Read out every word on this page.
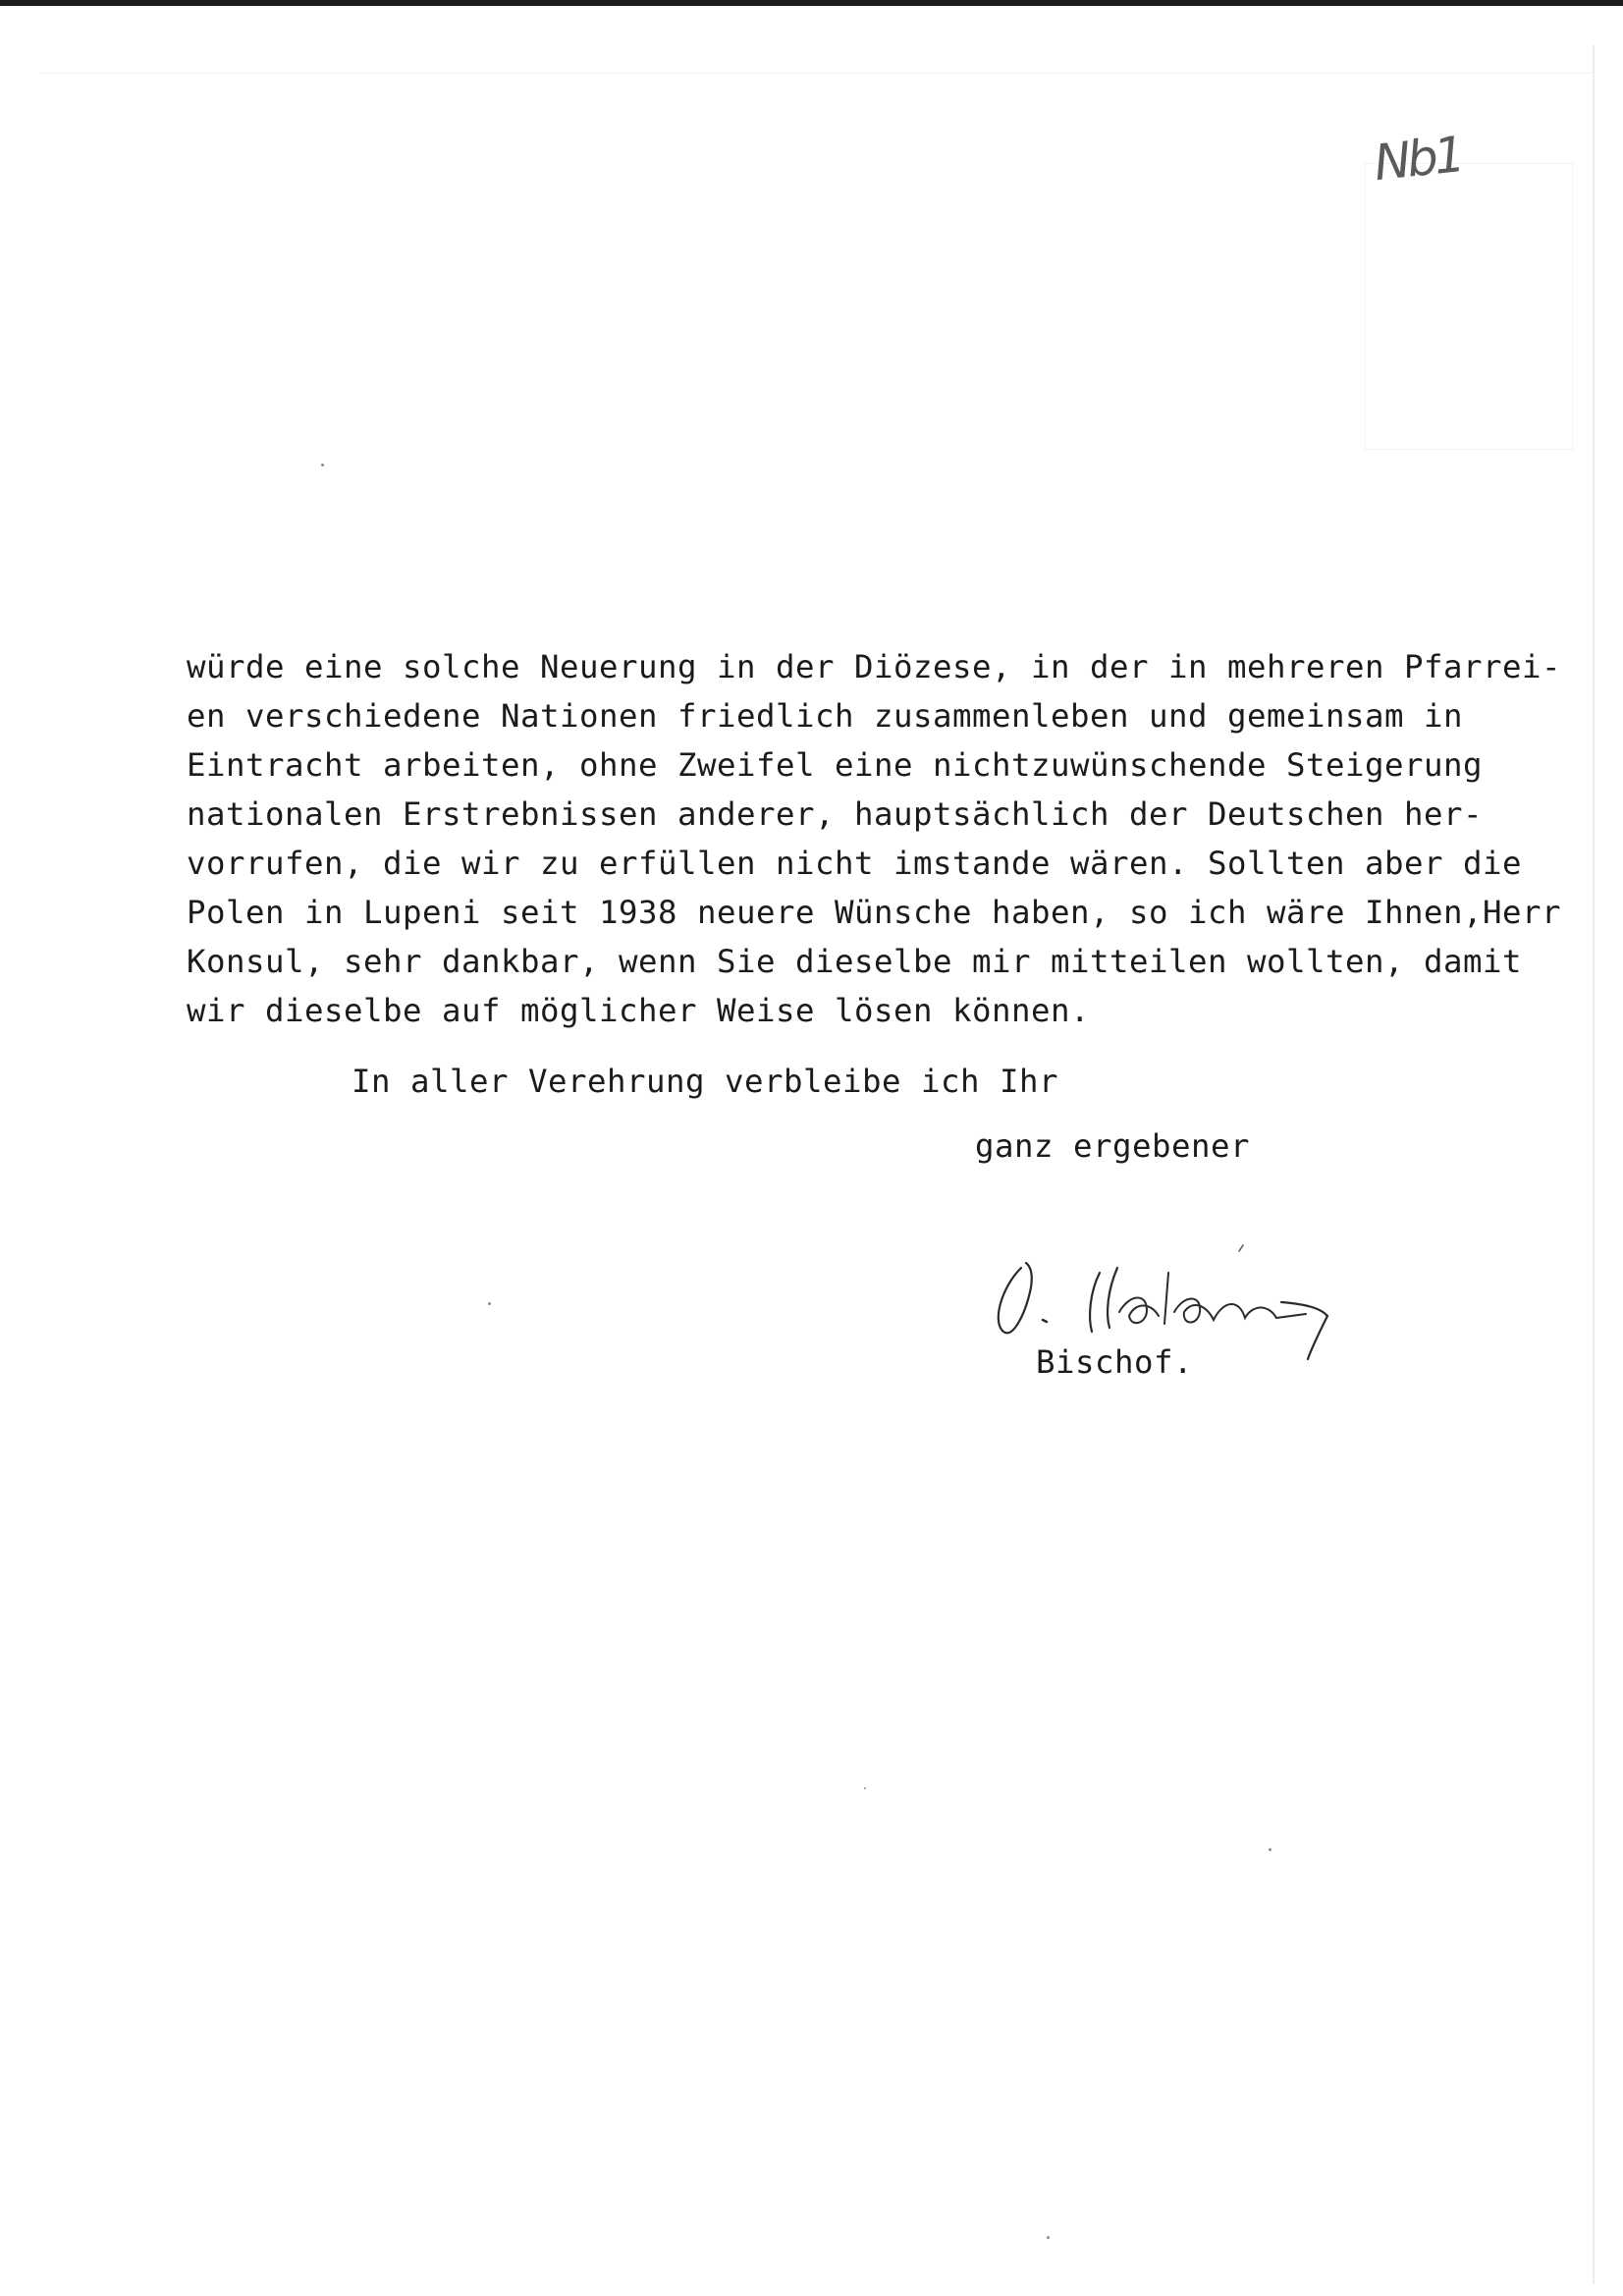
Nb1
würde eine solche Neuerung in der Diözese, in der in mehreren Pfarrei-
en verschiedene Nationen friedlich zusammenleben und gemeinsam in
Eintracht arbeiten, ohne Zweifel eine nichtzuwünschende Steigerung
nationalen Erstrebnissen anderer, hauptsächlich der Deutschen her-
vorrufen, die wir zu erfüllen nicht imstande wären. Sollten aber die
Polen in Lupeni seit 1938 neuere Wünsche haben, so ich wäre Ihnen,Herr
Konsul, sehr dankbar, wenn Sie dieselbe mir mitteilen wollten, damit
wir dieselbe auf möglicher Weise lösen können.
In aller Verehrung verbleibe ich Ihr
ganz ergebener
Bischof.
